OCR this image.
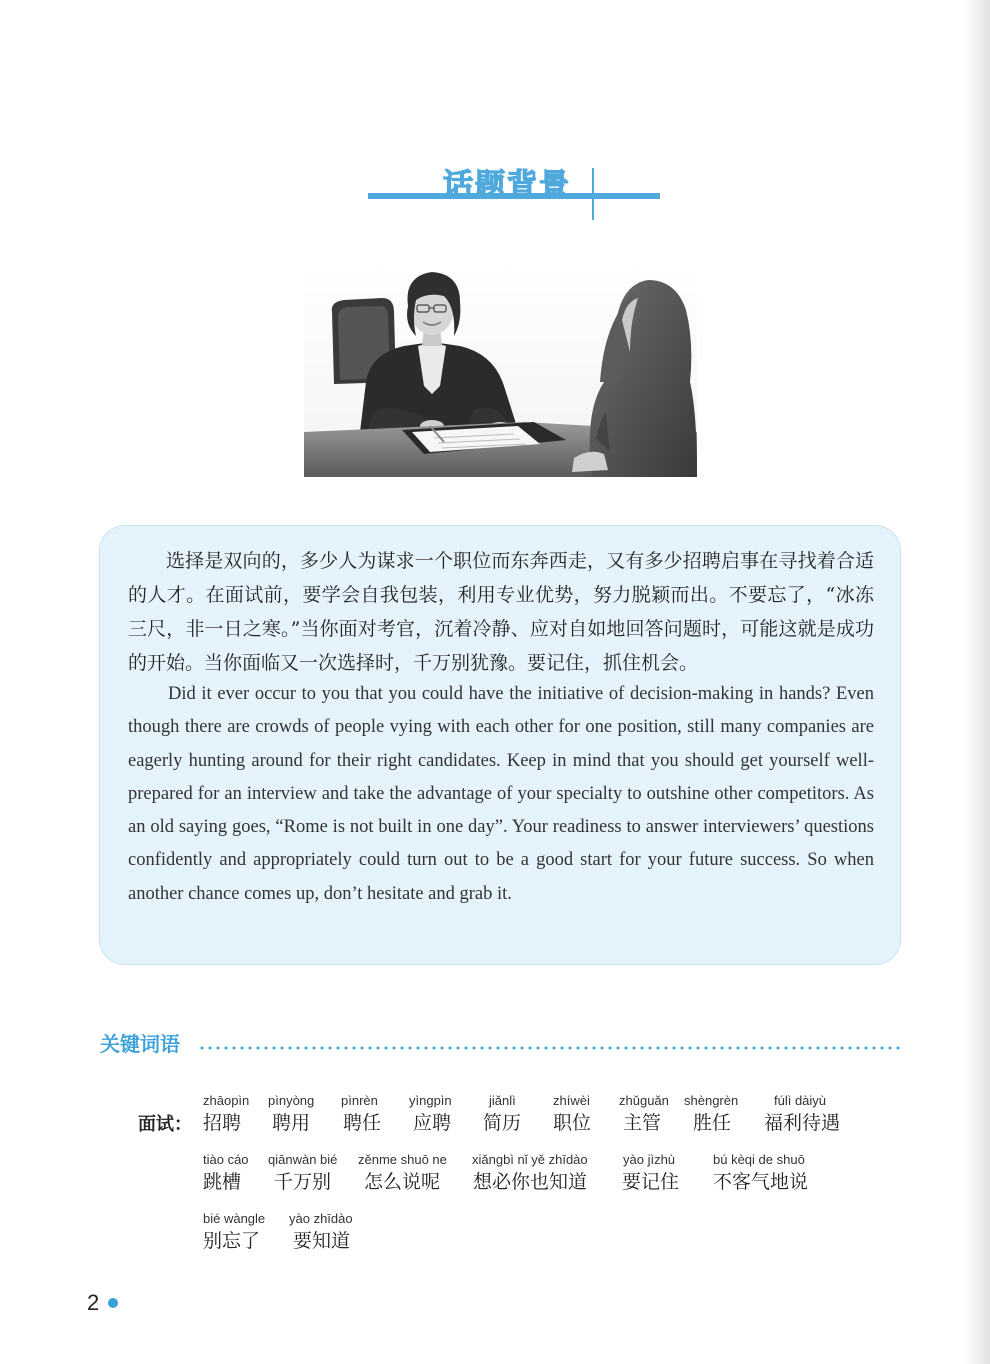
话题背景

选择是双向的，多少人为谋求一个职位而东奔西走，又有多少招聘启事在寻找着合适的人才。在面试前，要学会自我包装，利用专业优势，努力脱颖而出。不要忘了，“冰冻三尺，非一日之寒。”当你面对考官，沉着冷静、应对自如地回答问题时，可能这就是成功的开始。当你面临又一次选择时，千万别犹豫。要记住，抓住机会。

Did it ever occur to you that you could have the initiative of decision-making in hands? Even though there are crowds of people vying with each other for one position, still many companies are eagerly hunting around for their right candidates. Keep in mind that you should get yourself well-prepared for an interview and take the advantage of your specialty to outshine other competitors. As an old saying goes, “Rome is not built in one day”. Your readiness to answer interviewers’ questions confidently and appropriately could turn out to be a good start for your future success. So when another chance comes up, don’t hesitate and grab it.

关键词语
面试：
zhāopìn
招聘
pìnyòng
聘用
pìnrèn
聘任
yìngpìn
应聘
jiǎnlì
简历
zhíwèi
职位
zhǔguǎn
主管
shèngrèn
胜任
fúlì dàiyù
福利待遇
tiào cáo
跳槽
qiānwàn bié
千万别
zěnme shuō ne
怎么说呢
xiǎngbì nǐ yě zhīdào
想必你也知道
yào jìzhù
要记住
bú kèqi de shuō
不客气地说
bié wàngle
别忘了
yào zhīdào
要知道
2
